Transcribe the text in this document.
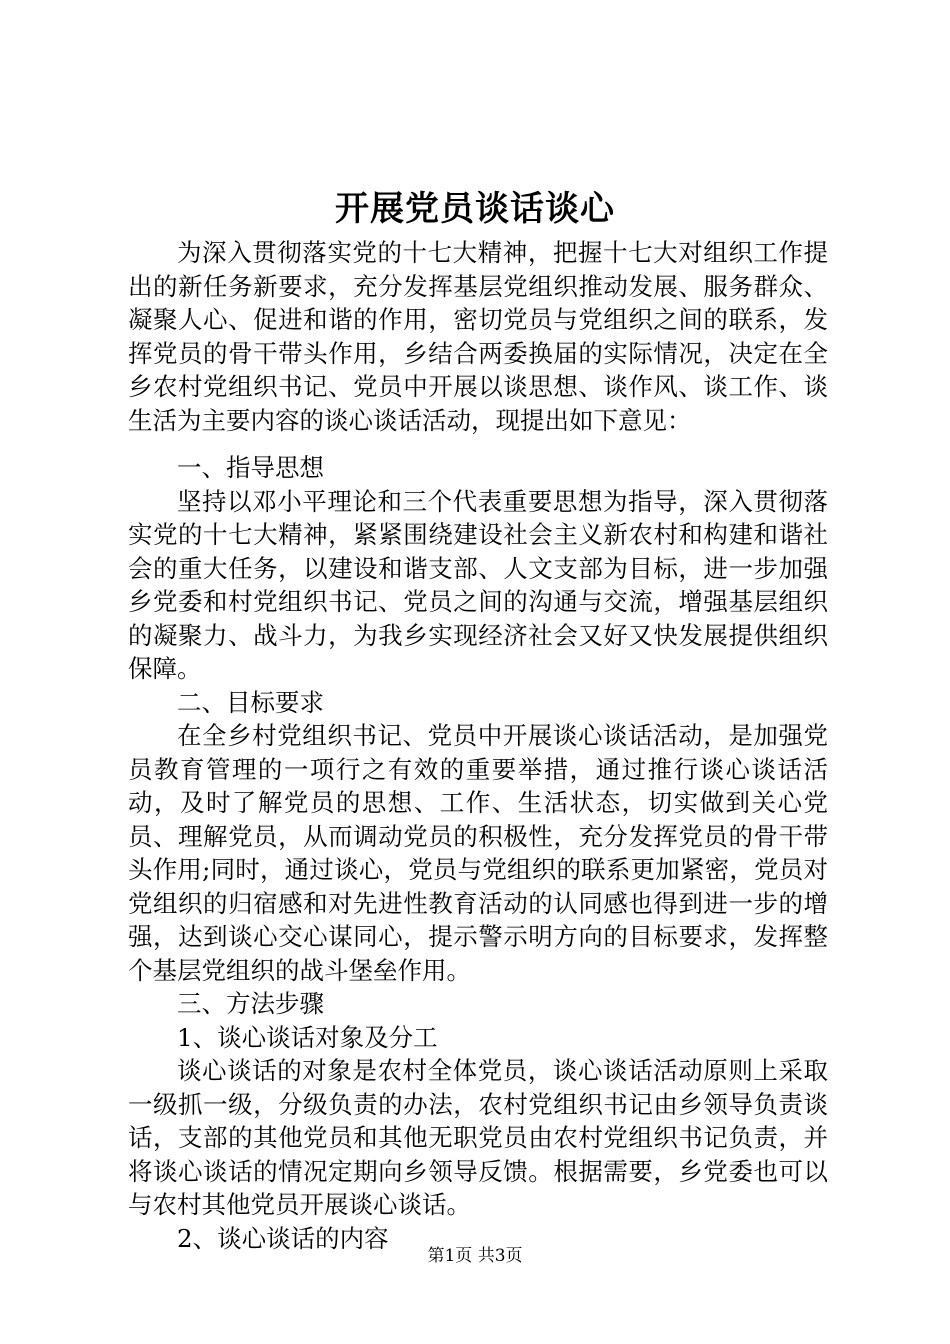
开展党员谈话谈心

为深入贯彻落实党的十七大精神，把握十七大对组织工作提出的新任务新要求，充分发挥基层党组织推动发展、服务群众、凝聚人心、促进和谐的作用，密切党员与党组织之间的联系，发挥党员的骨干带头作用，乡结合两委换届的实际情况，决定在全乡农村党组织书记、党员中开展以谈思想、谈作风、谈工作、谈生活为主要内容的谈心谈话活动，现提出如下意见：

一、指导思想

坚持以邓小平理论和三个代表重要思想为指导，深入贯彻落实党的十七大精神，紧紧围绕建设社会主义新农村和构建和谐社会的重大任务，以建设和谐支部、人文支部为目标，进一步加强乡党委和村党组织书记、党员之间的沟通与交流，增强基层组织的凝聚力、战斗力，为我乡实现经济社会又好又快发展提供组织保障。

二、目标要求

在全乡村党组织书记、党员中开展谈心谈话活动，是加强党员教育管理的一项行之有效的重要举措，通过推行谈心谈话活动，及时了解党员的思想、工作、生活状态，切实做到关心党员、理解党员，从而调动党员的积极性，充分发挥党员的骨干带头作用;同时，通过谈心，党员与党组织的联系更加紧密，党员对党组织的归宿感和对先进性教育活动的认同感也得到进一步的增强，达到谈心交心谋同心，提示警示明方向的目标要求，发挥整个基层党组织的战斗堡垒作用。

三、方法步骤

1、谈心谈话对象及分工

谈心谈话的对象是农村全体党员，谈心谈话活动原则上采取一级抓一级，分级负责的办法，农村党组织书记由乡领导负责谈话，支部的其他党员和其他无职党员由农村党组织书记负责，并将谈心谈话的情况定期向乡领导反馈。根据需要，乡党委也可以与农村其他党员开展谈心谈话。

2、谈心谈话的内容

第1页 共3页
